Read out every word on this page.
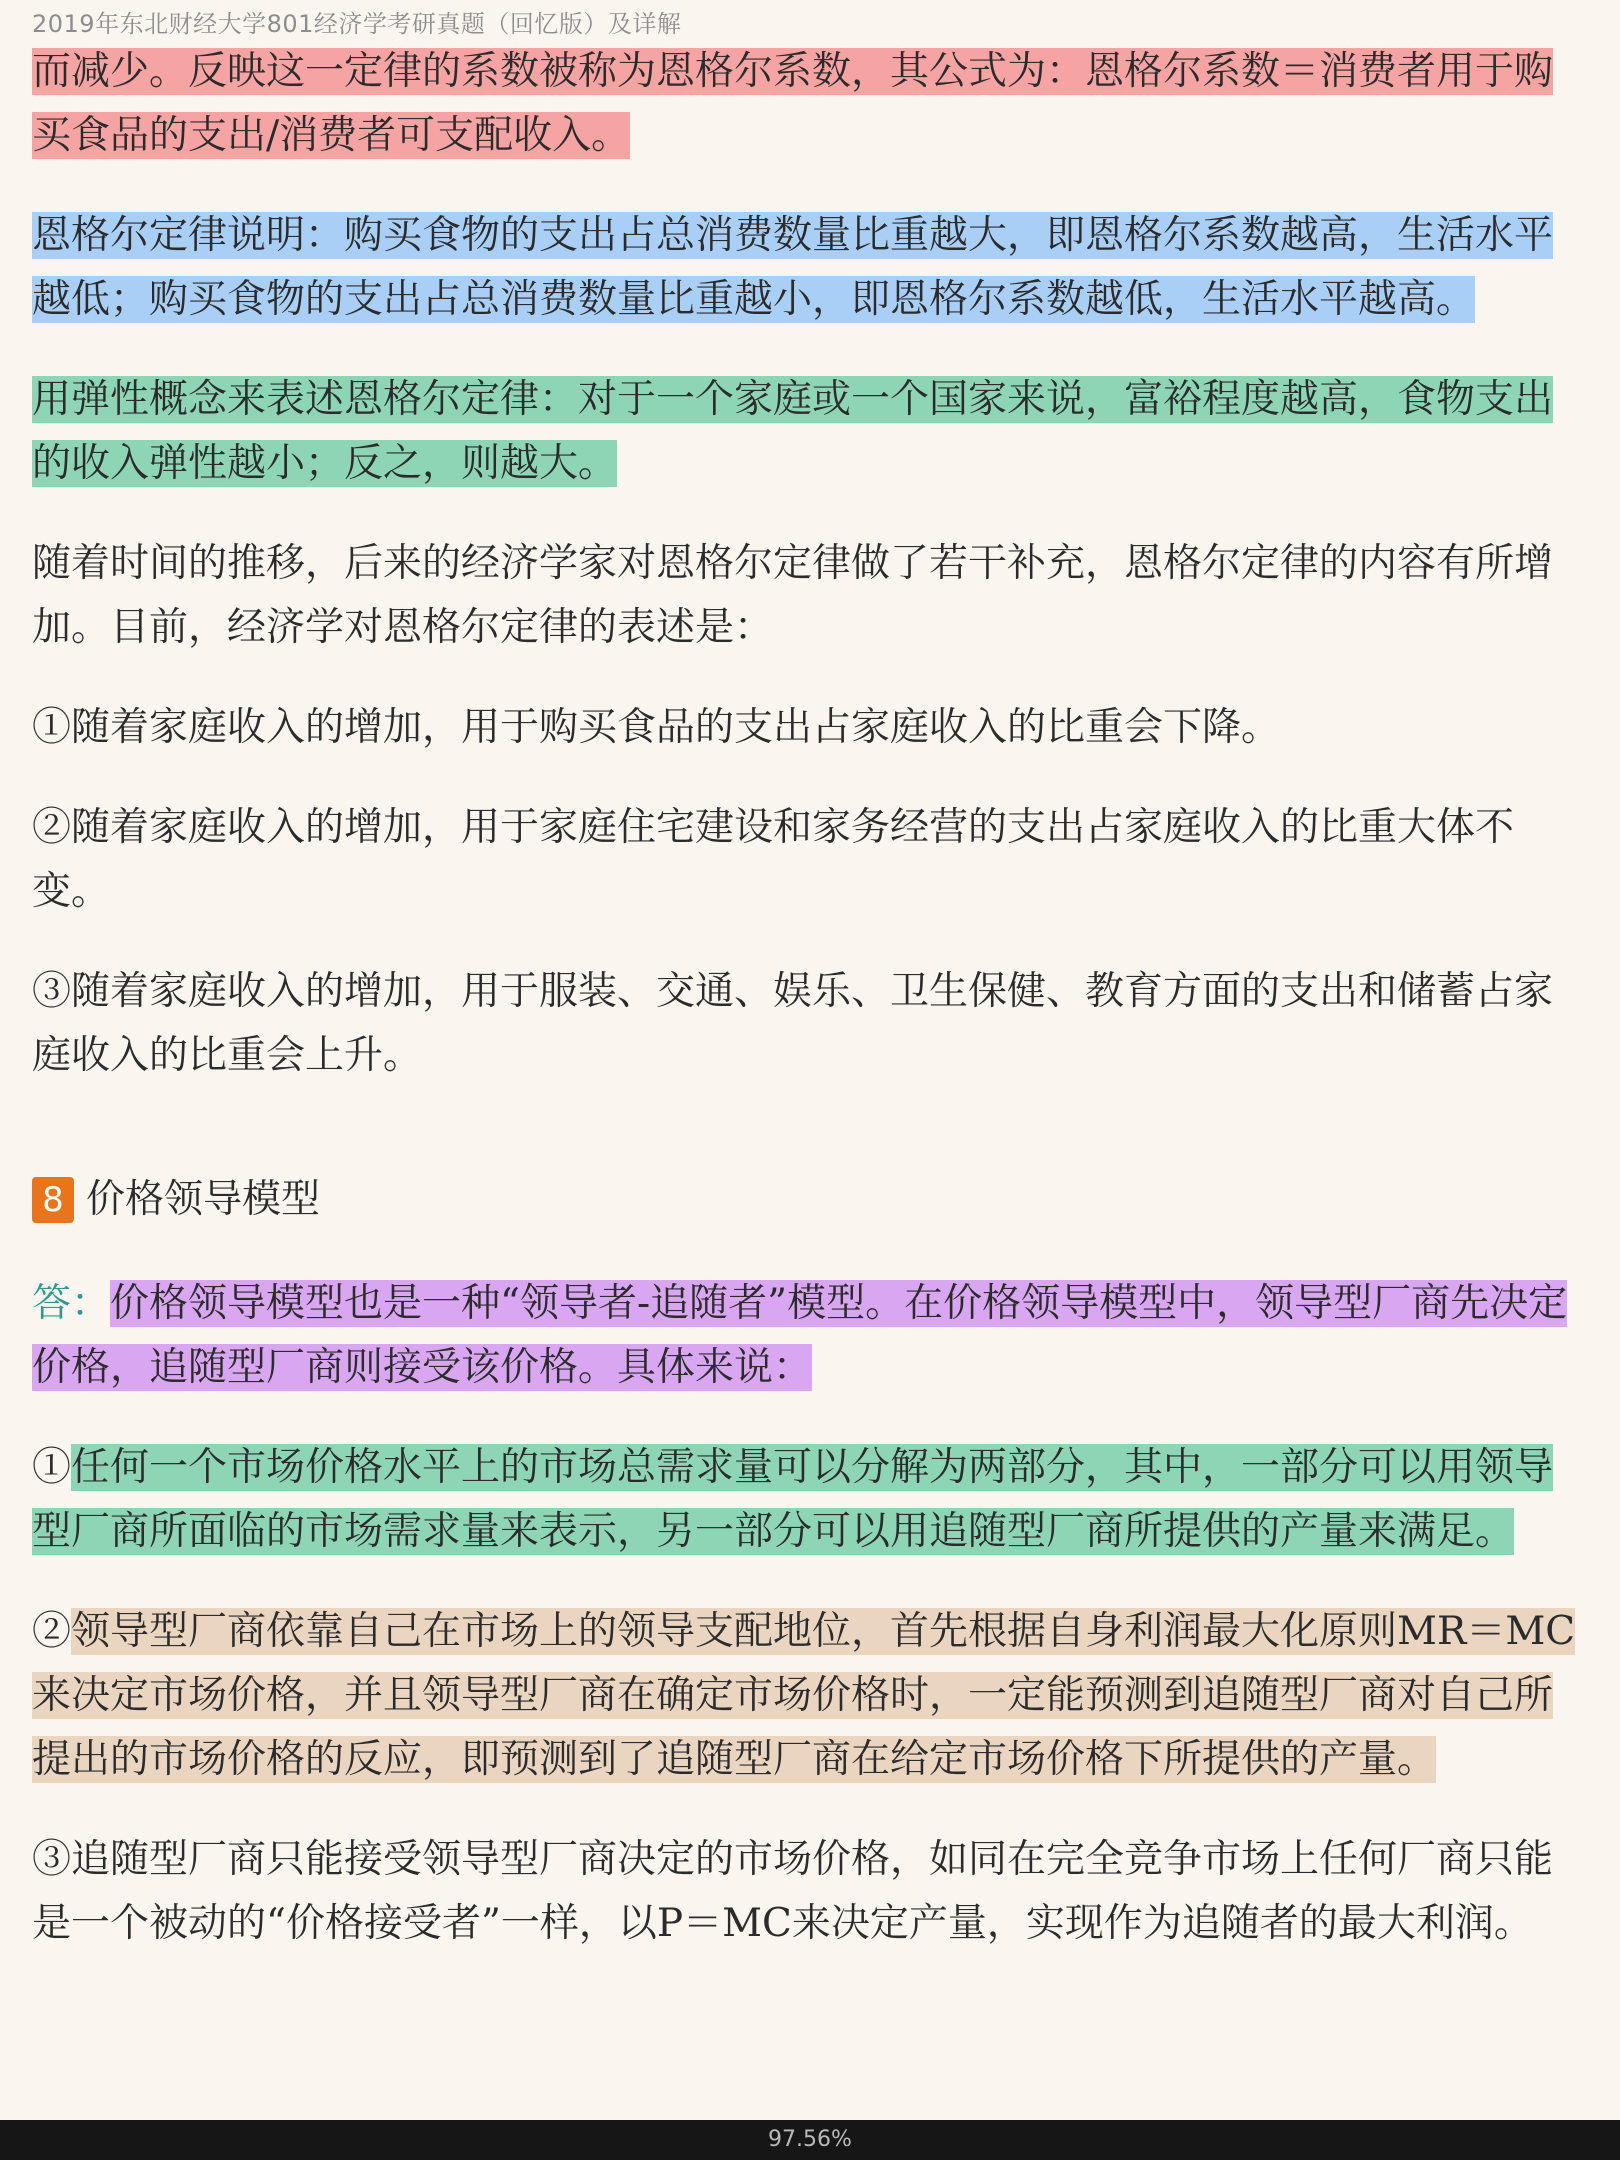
2019年东北财经大学801经济学考研真题（回忆版）及详解

而减少。反映这一定律的系数被称为恩格尔系数，其公式为：恩格尔系数＝消费者用于购买食品的支出/消费者可支配收入。

恩格尔定律说明：购买食物的支出占总消费数量比重越大，即恩格尔系数越高，生活水平越低；购买食物的支出占总消费数量比重越小，即恩格尔系数越低，生活水平越高。

用弹性概念来表述恩格尔定律：对于一个家庭或一个国家来说，富裕程度越高，食物支出的收入弹性越小；反之，则越大。

随着时间的推移，后来的经济学家对恩格尔定律做了若干补充，恩格尔定律的内容有所增加。目前，经济学对恩格尔定律的表述是：

①随着家庭收入的增加，用于购买食品的支出占家庭收入的比重会下降。

②随着家庭收入的增加，用于家庭住宅建设和家务经营的支出占家庭收入的比重大体不变。

③随着家庭收入的增加，用于服装、交通、娱乐、卫生保健、教育方面的支出和储蓄占家庭收入的比重会上升。

8 价格领导模型

答：价格领导模型也是一种“领导者-追随者”模型。在价格领导模型中，领导型厂商先决定价格，追随型厂商则接受该价格。具体来说：

①任何一个市场价格水平上的市场总需求量可以分解为两部分，其中，一部分可以用领导型厂商所面临的市场需求量来表示，另一部分可以用追随型厂商所提供的产量来满足。

②领导型厂商依靠自己在市场上的领导支配地位，首先根据自身利润最大化原则MR＝MC来决定市场价格，并且领导型厂商在确定市场价格时，一定能预测到追随型厂商对自己所提出的市场价格的反应，即预测到了追随型厂商在给定市场价格下所提供的产量。

③追随型厂商只能接受领导型厂商决定的市场价格，如同在完全竞争市场上任何厂商只能是一个被动的“价格接受者”一样，以P＝MC来决定产量，实现作为追随者的最大利润。

97.56%
